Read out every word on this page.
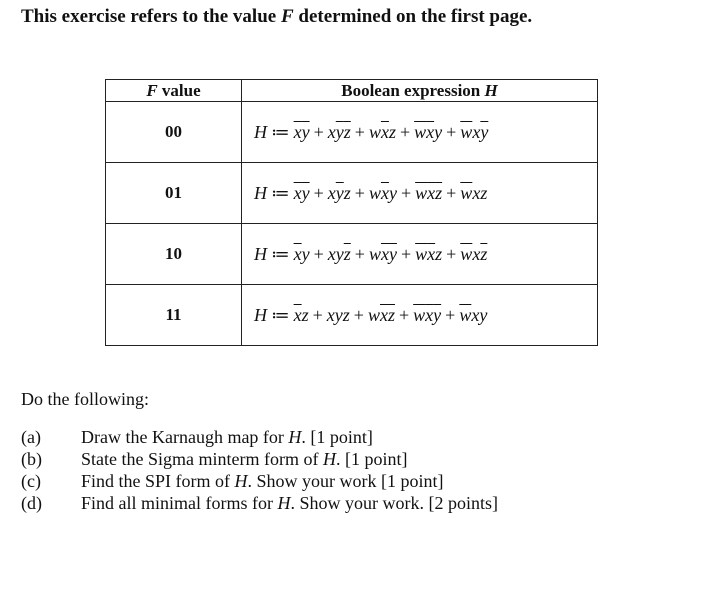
This exercise refers to the value F determined on the first page.
F value	Boolean expression H
00	H ≔ $\overline{x}\overline{y} + x\overline{y}\overline{z} + w\overline{x}z + \overline{w}\overline{x}y + \overline{w}x\overline{y}$
01	H ≔ $\overline{x}\overline{y} + x\overline{y}z + w\overline{x}y + \overline{w}\overline{x}\overline{z} + \overline{w}xz$
10	H ≔ $\overline{x}y + xy\overline{z} + w\overline{x}\overline{y} + \overline{w}\overline{x}z + \overline{w}x\overline{z}$
11	H ≔ $\overline{x}z$ + xyz + $w\overline{x}\overline{z} + \overline{w}\overline{x}\overline{y} + \overline{w}xy$
Do the following:
(a) Draw the Karnaugh map for H. [1 point]
(b) State the Sigma minterm form of H. [1 point]
(c) Find the SPI form of H. Show your work [1 point]
(d) Find all minimal forms for H. Show your work. [2 points]
